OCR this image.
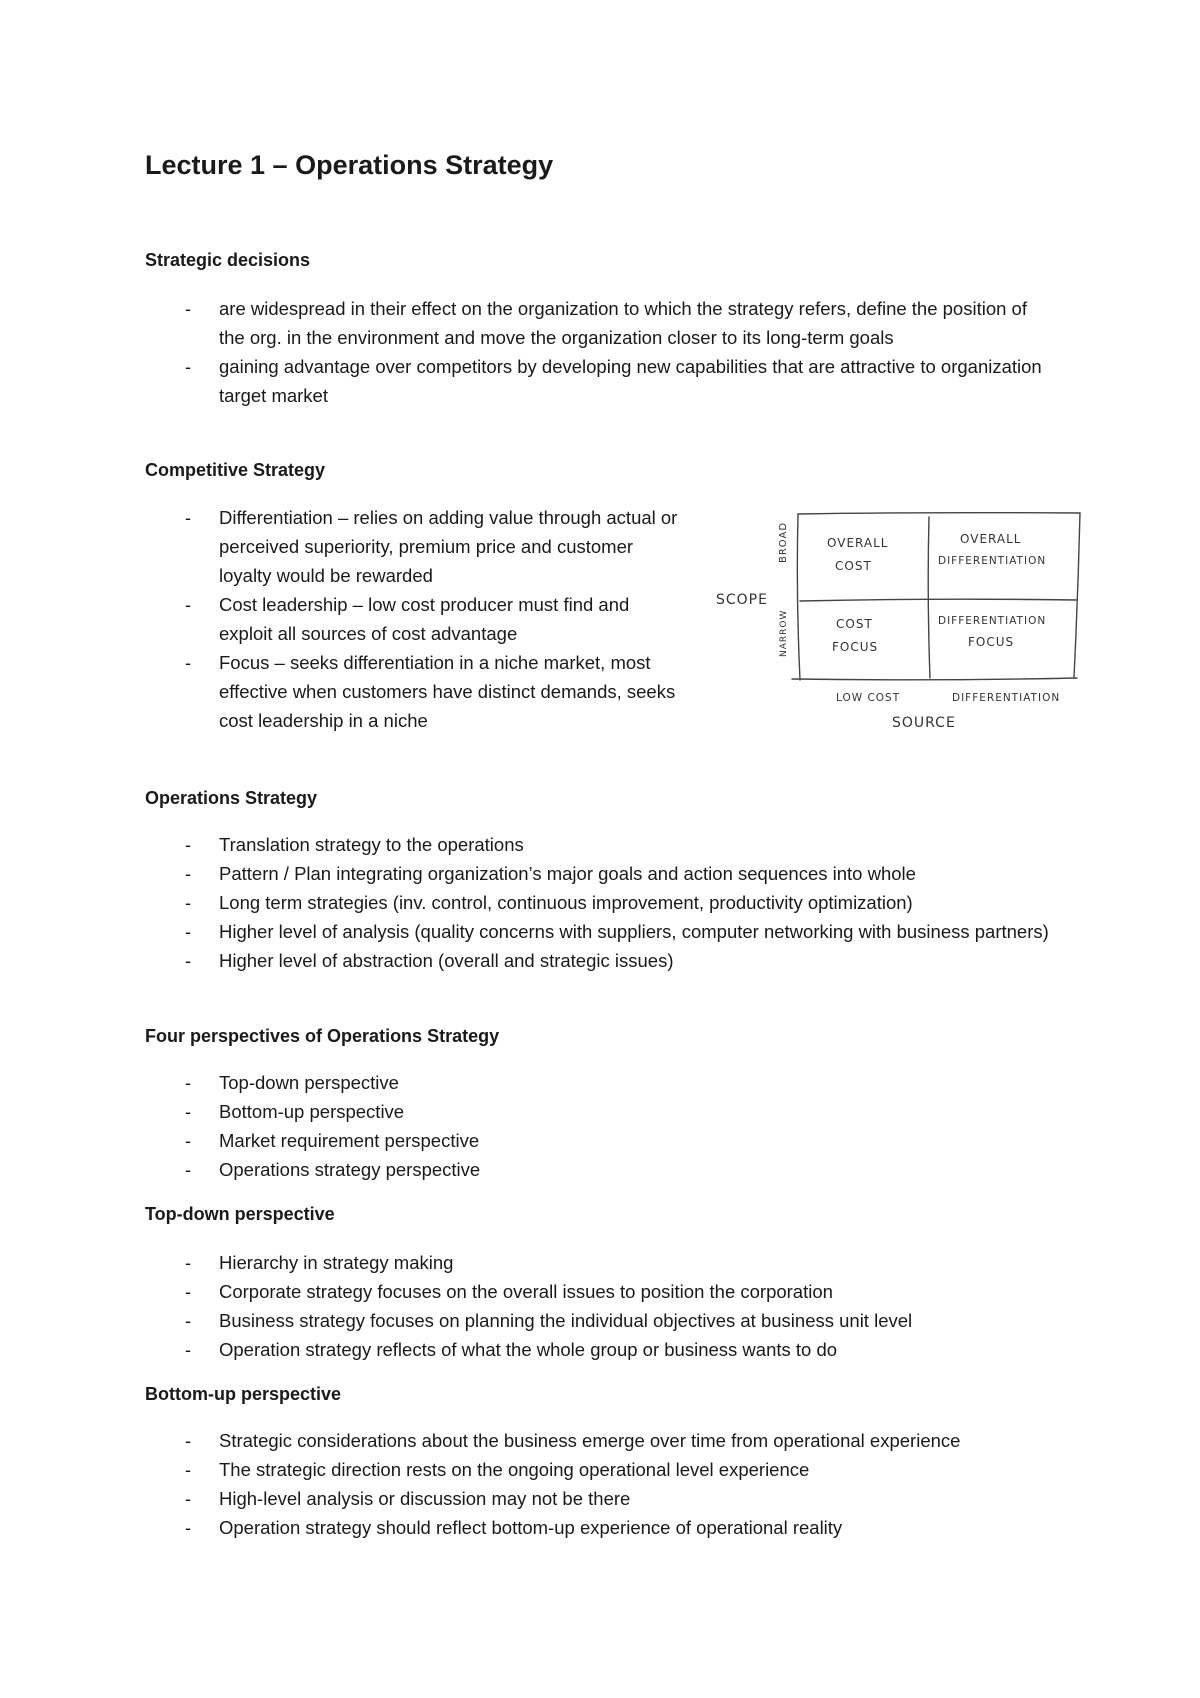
Lecture 1 – Operations Strategy
Strategic decisions
- are widespread in their effect on the organization to which the strategy refers, define the position of the org. in the environment and move the organization closer to its long-term goals
- gaining advantage over competitors by developing new capabilities that are attractive to organization target market
Competitive Strategy
- Differentiation – relies on adding value through actual or perceived superiority, premium price and customer loyalty would be rewarded
- Cost leadership – low cost producer must find and exploit all sources of cost advantage
- Focus – seeks differentiation in a niche market, most effective when customers have distinct demands, seeks cost leadership in a niche
OVERALL
COST
OVERALL
DIFFERENTIATION
COST
FOCUS
DIFFERENTIATION
FOCUS
LOW COST	DIFFERENTIATION
SOURCE
SCOPE
BROAD
NARROW
Operations Strategy
- Translation strategy to the operations
- Pattern / Plan integrating organization’s major goals and action sequences into whole
- Long term strategies (inv. control, continuous improvement, productivity optimization)
- Higher level of analysis (quality concerns with suppliers, computer networking with business partners)
- Higher level of abstraction (overall and strategic issues)
Four perspectives of Operations Strategy
- Top-down perspective
- Bottom-up perspective
- Market requirement perspective
- Operations strategy perspective
Top-down perspective
- Hierarchy in strategy making
- Corporate strategy focuses on the overall issues to position the corporation
- Business strategy focuses on planning the individual objectives at business unit level
- Operation strategy reflects of what the whole group or business wants to do
Bottom-up perspective
- Strategic considerations about the business emerge over time from operational experience
- The strategic direction rests on the ongoing operational level experience
- High-level analysis or discussion may not be there
- Operation strategy should reflect bottom-up experience of operational reality
